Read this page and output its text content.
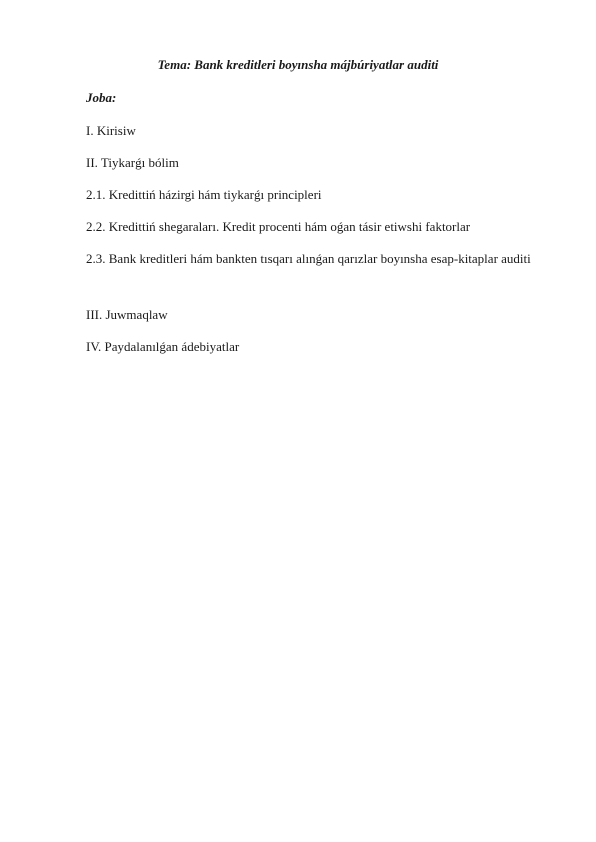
Tema: Bank kreditleri boyınsha májbúriyatlar auditi
Joba:
I. Kirisiw
II. Tiykarǵı bólim
2.1. Kredittiń házirgi hám tiykarǵı principleri
2.2. Kredittiń shegaraları. Kredit procenti hám oǵan tásir etiwshi faktorlar
2.3. Bank kreditleri hám bankten tısqarı alınǵan qarızlar boyınsha esap-kitaplar auditi
III. Juwmaqlaw
IV. Paydalanılǵan ádebiyatlar
